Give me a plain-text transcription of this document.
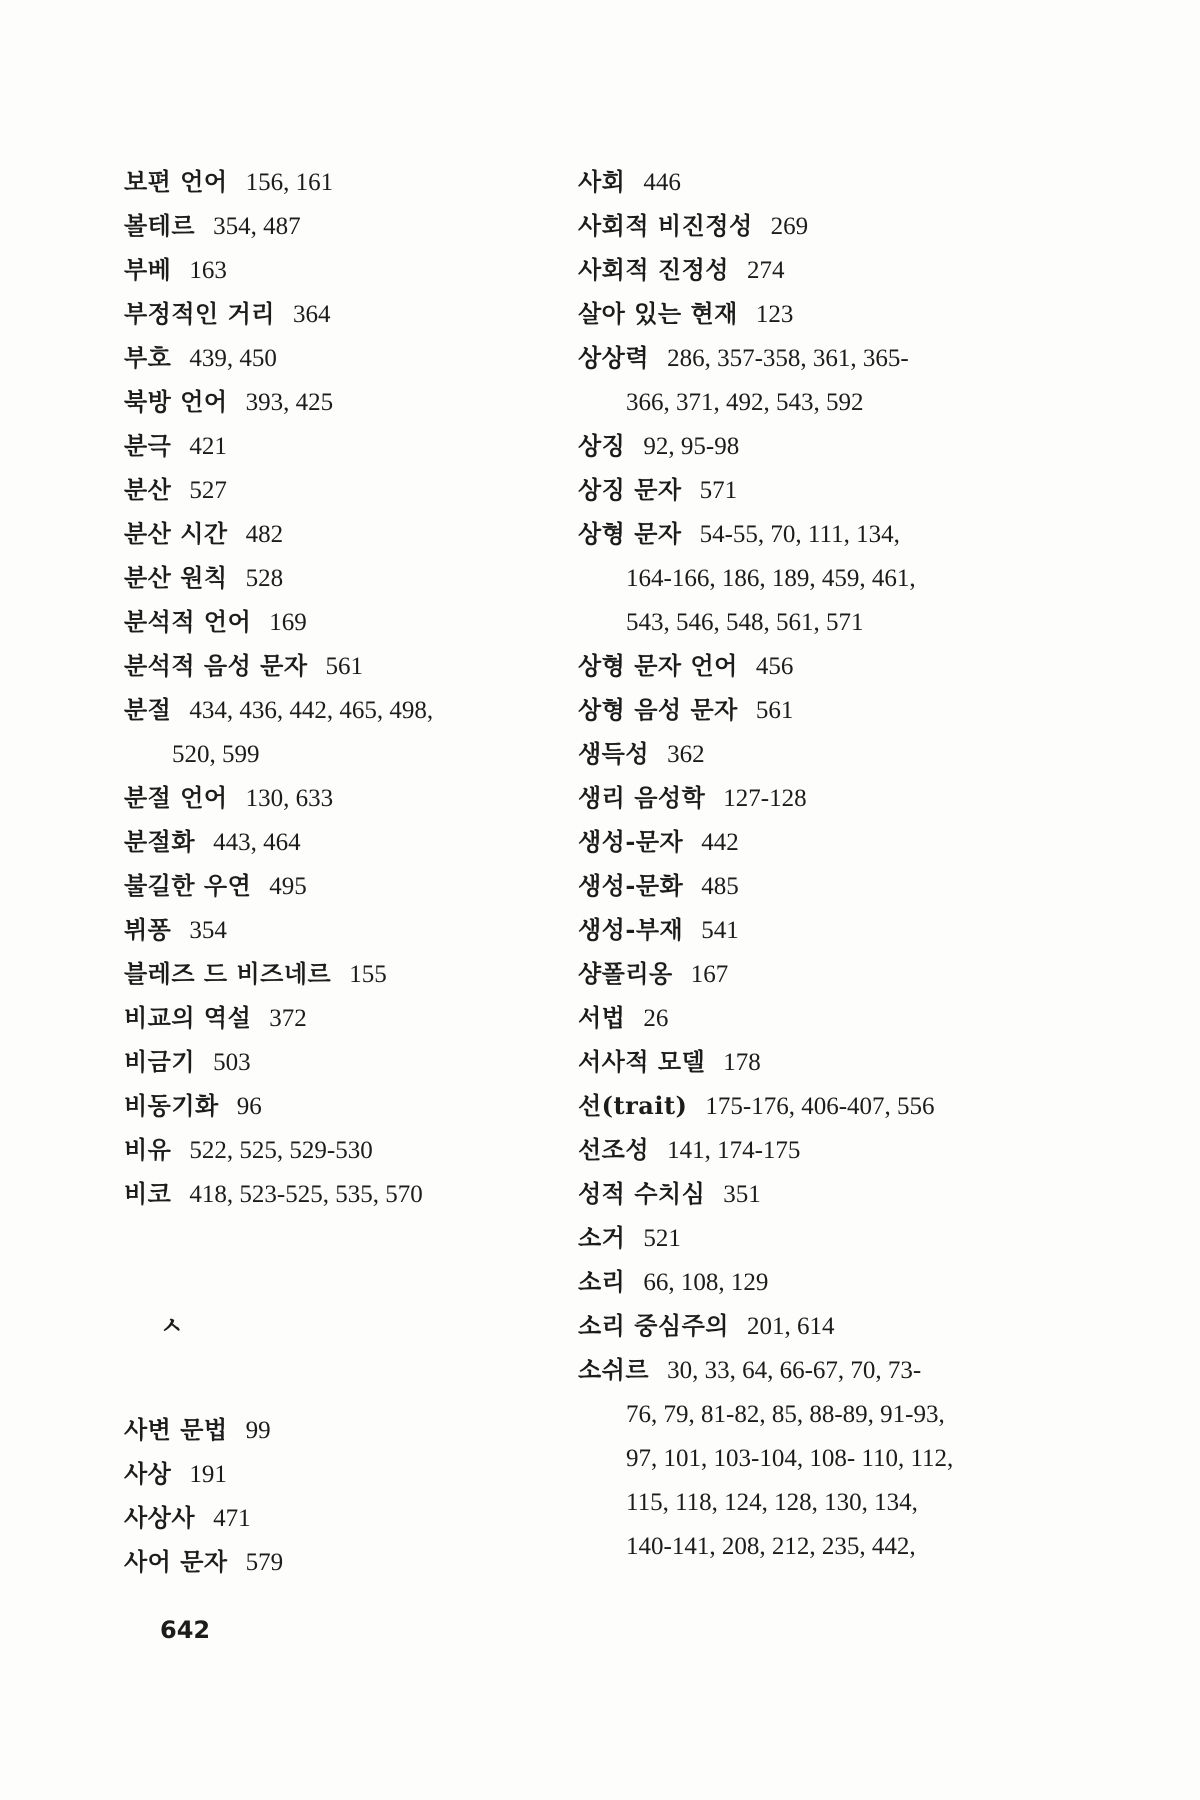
보편 언어 156, 161
볼테르 354, 487
부베 163
부정적인 거리 364
부호 439, 450
북방 언어 393, 425
분극 421
분산 527
분산 시간 482
분산 원칙 528
분석적 언어 169
분석적 음성 문자 561
분절 434, 436, 442, 465, 498,
520, 599
분절 언어 130, 633
분절화 443, 464
불길한 우연 495
뷔퐁 354
블레즈 드 비즈네르 155
비교의 역설 372
비금기 503
비동기화 96
비유 522, 525, 529-530
비코 418, 523-525, 535, 570
ㅅ
사변 문법 99
사상 191
사상사 471
사어 문자 579
사회 446
사회적 비진정성 269
사회적 진정성 274
살아 있는 현재 123
상상력 286, 357-358, 361, 365-
366, 371, 492, 543, 592
상징 92, 95-98
상징 문자 571
상형 문자 54-55, 70, 111, 134,
164-166, 186, 189, 459, 461,
543, 546, 548, 561, 571
상형 문자 언어 456
상형 음성 문자 561
생득성 362
생리 음성학 127-128
생성-문자 442
생성-문화 485
생성-부재 541
샹폴리옹 167
서법 26
서사적 모델 178
선(trait) 175-176, 406-407, 556
선조성 141, 174-175
성적 수치심 351
소거 521
소리 66, 108, 129
소리 중심주의 201, 614
소쉬르 30, 33, 64, 66-67, 70, 73-
76, 79, 81-82, 85, 88-89, 91-93,
97, 101, 103-104, 108- 110, 112,
115, 118, 124, 128, 130, 134,
140-141, 208, 212, 235, 442,
642
